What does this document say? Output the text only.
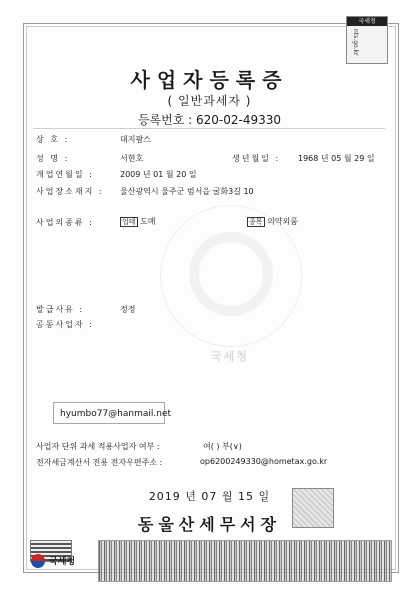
국세청
nts.go.kr
사업자등록증
( 일반과세자 )
등록번호 : 620-02-49330
국세청
상 호 :	대지팜스
성 명 :	서현호	생년월일 : 1968 년 05 월 29 일
개업연월일 :	2009 년 01 월 20 일
사업장소재지 : 울산광역시 울주군 범서읍 굴화3길 10
사업의종류 :	업태 도매	종목 의약외품
발급사유 :	정정
공동사업자 :
hyumbo77@hanmail.net
사업자 단위 과세 적용사업자 여부 :	여( ) 부(∨)
전자세금계산서 전용 전자우편주소 :	op6200249330@hometax.go.kr
2019 년 07 월 15 일
동울산세무서장
국세청
